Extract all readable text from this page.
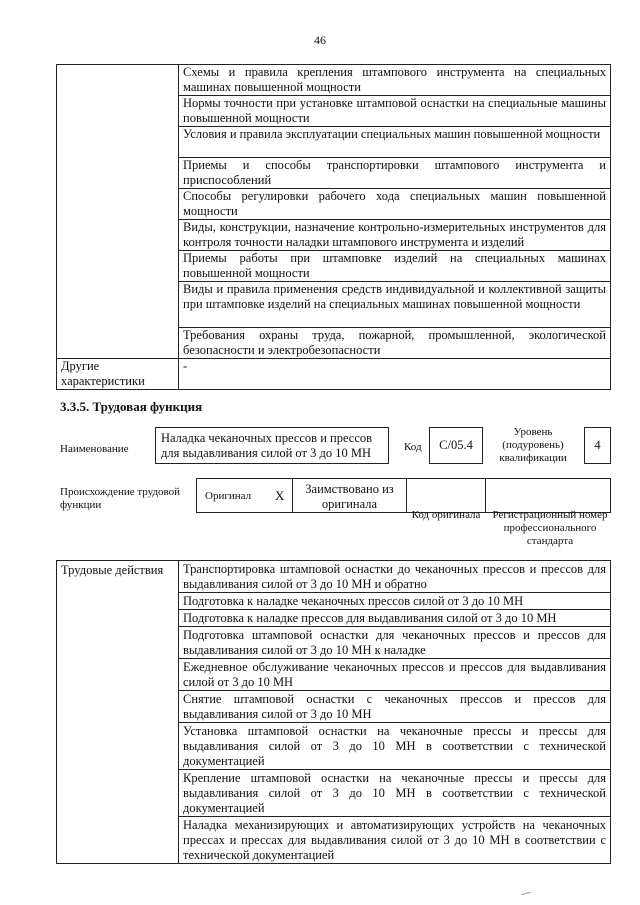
46
	Схемы и правила крепления штампового инструмента на специальных машинах повышенной мощности
	Нормы точности при установке штамповой оснастки на специальные машины повышенной мощности
	Условия и правила эксплуатации специальных машин повышенной мощности
	Приемы и способы транспортировки штампового инструмента и приспособлений
	Способы регулировки рабочего хода специальных машин повышенной мощности
	Виды, конструкции, назначение контрольно-измерительных инструментов для контроля точности наладки штампового инструмента и изделий
	Приемы работы при штамповке изделий на специальных машинах повышенной мощности
	Виды и правила применения средств индивидуальной и коллективной защиты при штамповке изделий на специальных машинах повышенной мощности
	Требования охраны труда, пожарной, промышленной, экологической безопасности и электробезопасности
Другие характеристики	-
3.3.5. Трудовая функция
Наименование
Наладка чеканочных прессов и прессов для выдавливания силой от 3 до 10 МН	Код	C/05.4
Уровень (подуровень) квалификации
4
Происхождение трудовой функции
Оригинал X	Заимствовано из оригинала
Код оригинала	Регистрационный номер профессионального стандарта
Трудовые действия	Транспортировка штамповой оснастки до чеканочных прессов и прессов для выдавливания силой от 3 до 10 МН и обратно
Подготовка к наладке чеканочных прессов силой от 3 до 10 МН
Подготовка к наладке прессов для выдавливания силой от 3 до 10 МН
Подготовка штамповой оснастки для чеканочных прессов и прессов для выдавливания силой от 3 до 10 МН к наладке
Ежедневное обслуживание чеканочных прессов и прессов для выдавливания силой от 3 до 10 МН
Снятие штамповой оснастки с чеканочных прессов и прессов для выдавливания силой от 3 до 10 МН
Установка штамповой оснастки на чеканочные прессы и прессы для выдавливания силой от 3 до 10 МН в соответствии с технической документацией
Крепление штамповой оснастки на чеканочные прессы и прессы для выдавливания силой от 3 до 10 МН в соответствии с технической документацией
Наладка механизирующих и автоматизирующих устройств на чеканочных прессах и прессах для выдавливания силой от 3 до 10 МН в соответствии с технической документацией
